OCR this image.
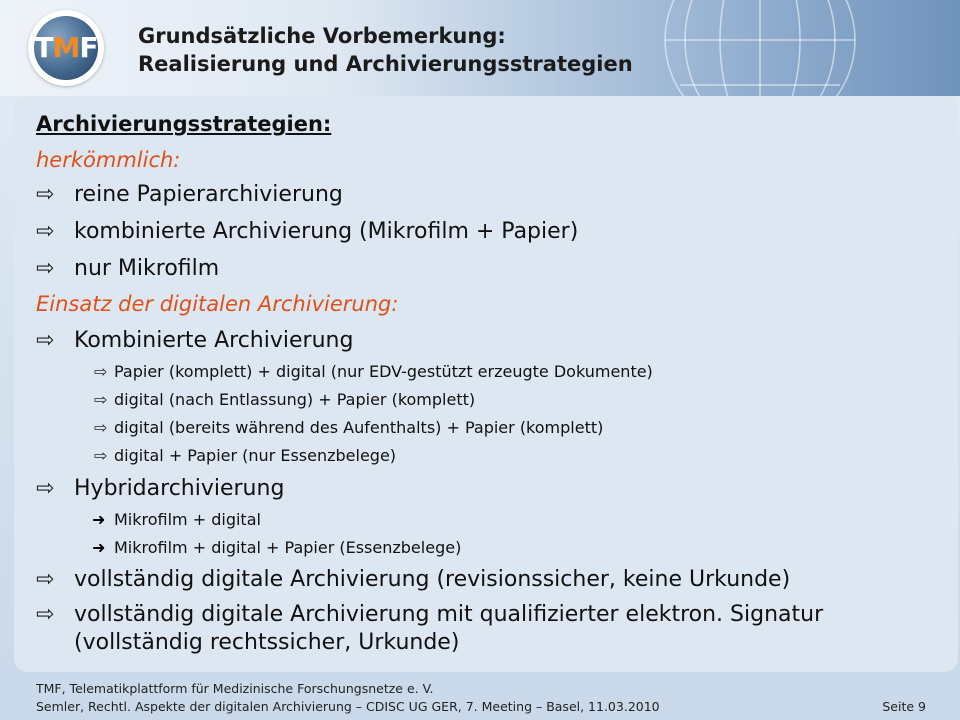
TMF	Grundsätzliche Vorbemerkung:
Realisierung und Archivierungsstrategien
Archivierungsstrategien:
herkömmlich:
⇨ reine Papierarchivierung
⇨ kombinierte Archivierung (Mikrofilm + Papier)
⇨ nur Mikrofilm
Einsatz der digitalen Archivierung:
⇨ Kombinierte Archivierung
⇨ Papier (komplett) + digital (nur EDV-gestützt erzeugte Dokumente)
⇨ digital (nach Entlassung) + Papier (komplett)
⇨ digital (bereits während des Aufenthalts) + Papier (komplett)
⇨ digital + Papier (nur Essenzbelege)
⇨ Hybridarchivierung
➜ Mikrofilm + digital
➜ Mikrofilm + digital + Papier (Essenzbelege)
⇨ vollständig digitale Archivierung (revisionssicher, keine Urkunde)
⇨ vollständig digitale Archivierung mit qualifizierter elektron. Signatur
(vollständig rechtssicher, Urkunde)
TMF, Telematikplattform für Medizinische Forschungsnetze e. V.
Semler, Rechtl. Aspekte der digitalen Archivierung – CDISC UG GER, 7. Meeting – Basel, 11.03.2010	Seite 9
